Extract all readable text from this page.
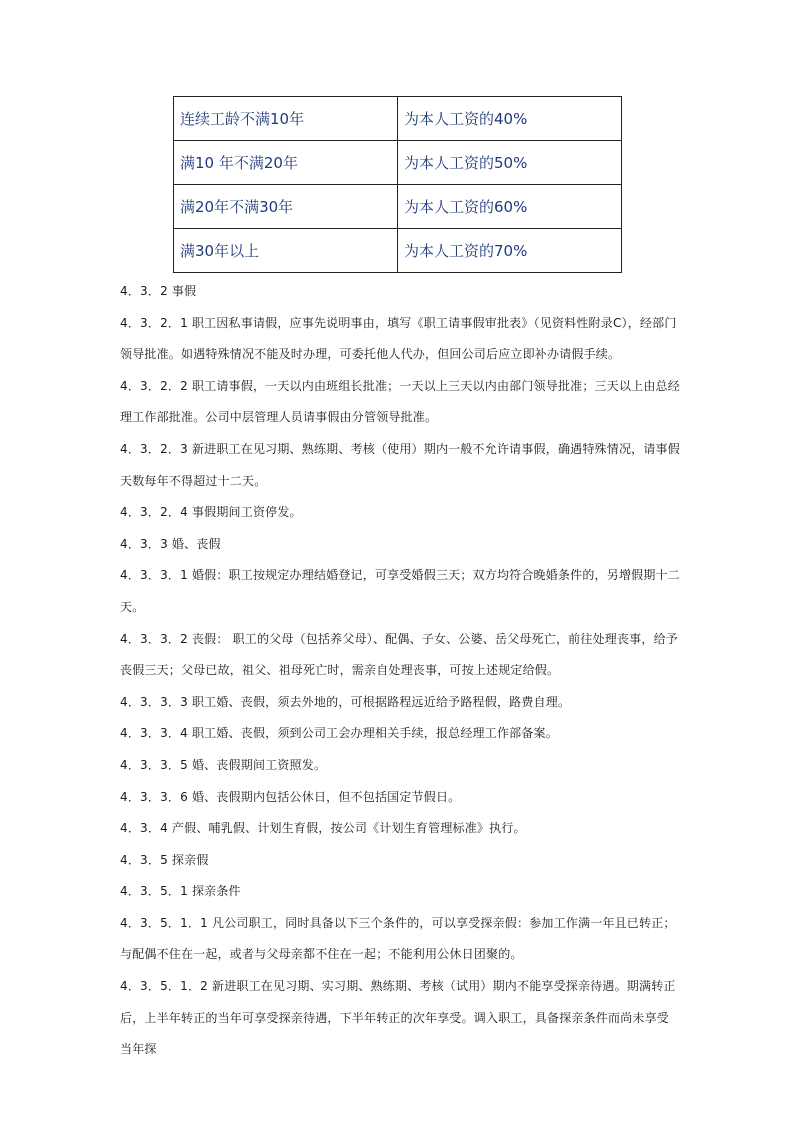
连续工龄不满10年	为本人工资的40%
满10 年不满20年	为本人工资的50%
满20年不满30年	为本人工资的60%
满30年以上	为本人工资的70%

4．3．2 事假

4．3．2．1 职工因私事请假，应事先说明事由，填写《职工请事假审批表》（见资料性附录C），经部门领导批准。如遇特殊情况不能及时办理，可委托他人代办，但回公司后应立即补办请假手续。

4．3．2．2 职工请事假，一天以内由班组长批准；一天以上三天以内由部门领导批准；三天以上由总经理工作部批准。公司中层管理人员请事假由分管领导批准。

4．3．2．3 新进职工在见习期、熟练期、考核（使用）期内一般不允许请事假，确遇特殊情况，请事假天数每年不得超过十二天。

4．3．2．4 事假期间工资停发。

4．3．3 婚、丧假

4．3．3．1 婚假：职工按规定办理结婚登记，可享受婚假三天；双方均符合晚婚条件的，另增假期十二天。

4．3．3．2 丧假： 职工的父母（包括养父母）、配偶、子女、公婆、岳父母死亡，前往处理丧事，给予丧假三天；父母已故，祖父、祖母死亡时，需亲自处理丧事，可按上述规定给假。

4．3．3．3 职工婚、丧假，须去外地的，可根据路程远近给予路程假，路费自理。

4．3．3．4 职工婚、丧假，须到公司工会办理相关手续，报总经理工作部备案。

4．3．3．5 婚、丧假期间工资照发。

4．3．3．6 婚、丧假期内包括公休日，但不包括国定节假日。

4．3．4 产假、哺乳假、计划生育假，按公司《计划生育管理标准》执行。

4．3．5 探亲假

4．3．5．1 探亲条件

4．3．5．1．1 凡公司职工，同时具备以下三个条件的，可以享受探亲假：参加工作满一年且已转正；与配偶不住在一起，或者与父母亲都不住在一起；不能利用公休日团聚的。

4．3．5．1．2 新进职工在见习期、实习期、熟练期、考核（试用）期内不能享受探亲待遇。期满转正后，上半年转正的当年可享受探亲待遇，下半年转正的次年享受。调入职工，具备探亲条件而尚未享受当年探
